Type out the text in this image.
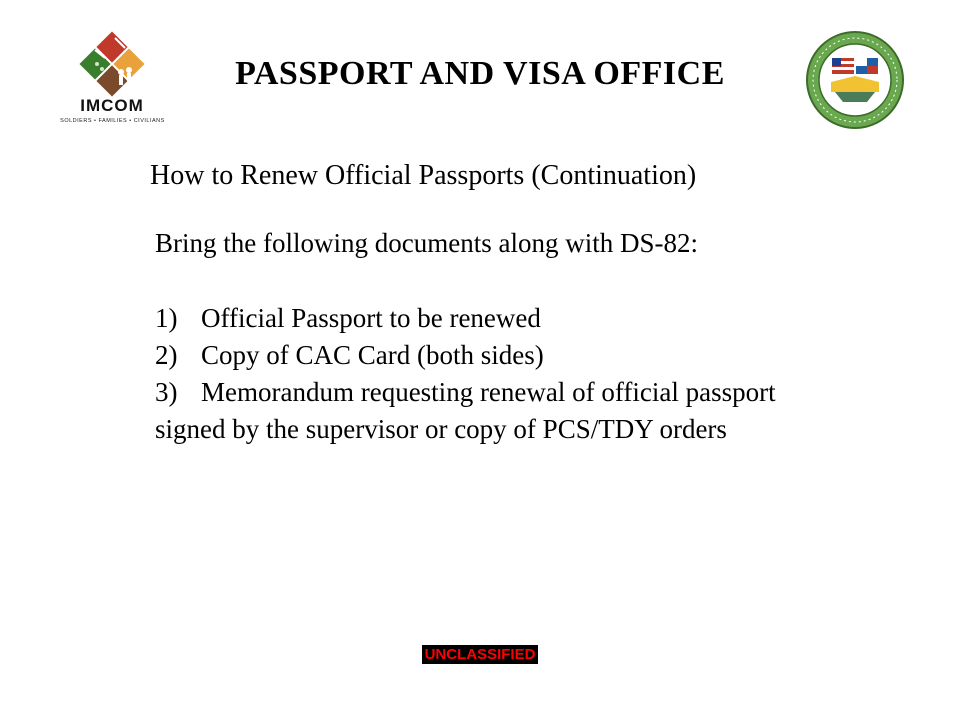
IMCOM
SOLDIERS • FAMILIES • CIVILIANS
PASSPORT AND VISA OFFICE
How to Renew Official Passports (Continuation)

Bring the following documents along with DS-82:

1) Official Passport to be renewed
2) Copy of CAC Card (both sides)
3) Memorandum requesting renewal of official passport signed by the supervisor or copy of PCS/TDY orders
UNCLASSIFIED
